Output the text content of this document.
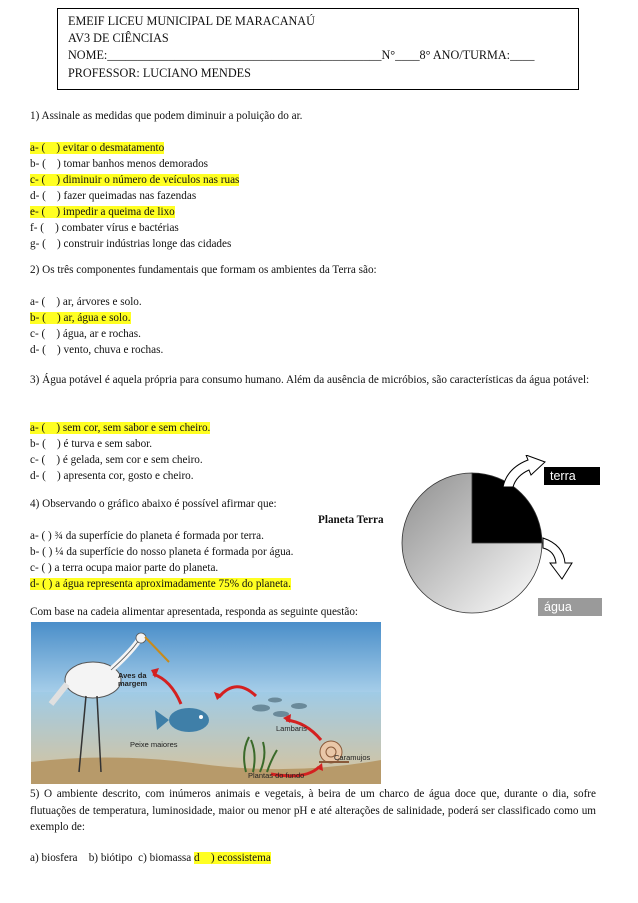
EMEIF LICEU MUNICIPAL DE MARACANAÚ
AV3 DE CIÊNCIAS
NOME:_____________________________________________N°____8° ANO/TURMA:____
PROFESSOR: LUCIANO MENDES
1) Assinale as medidas que podem diminuir a poluição do ar.
a- (    ) evitar o desmatamento
b- (    ) tomar banhos menos demorados
c- (    ) diminuir o número de veículos nas ruas
d- (    ) fazer queimadas nas fazendas
e- (    ) impedir a queima de lixo
f- (    ) combater vírus e bactérias
g- (    ) construir indústrias longe das cidades
2) Os três componentes fundamentais que formam os ambientes da Terra são:
a- (    ) ar, árvores e solo.
b- (    ) ar, água e solo.
c- (    ) água, ar e rochas.
d- (    ) vento, chuva e rochas.
3) Água potável é aquela própria para consumo humano. Além da ausência de micróbios, são características da água potável:
a- (    ) sem cor, sem sabor e sem cheiro.
b- (    ) é turva e sem sabor.
c- (    ) é gelada, sem cor e sem cheiro.
d- (    ) apresenta cor, gosto e cheiro.
4) Observando o gráfico abaixo é possível afirmar que:
Planeta Terra
a- ( ) ¾ da superfície do planeta é formada por terra.
b- ( ) ¼ da superfície do nosso planeta é formada por água.
c- ( ) a terra ocupa maior parte do planeta.
d- ( ) a água representa aproximadamente 75% do planeta.
terra
água
Com base na cadeia alimentar apresentada, responda as seguinte questão:
Aves da margem
Peixe maiores
Lambaris
Plantas do fundo
Caramujos
5) O ambiente descrito, com inúmeros animais e vegetais, à beira de um charco de água doce que, durante o dia, sofre flutuações de temperatura, luminosidade, maior ou menor pH e até alterações de salinidade, poderá ser classificado como um exemplo de:
a) biosfera    b) biótipo  c) biomassa d    ) ecossistema
